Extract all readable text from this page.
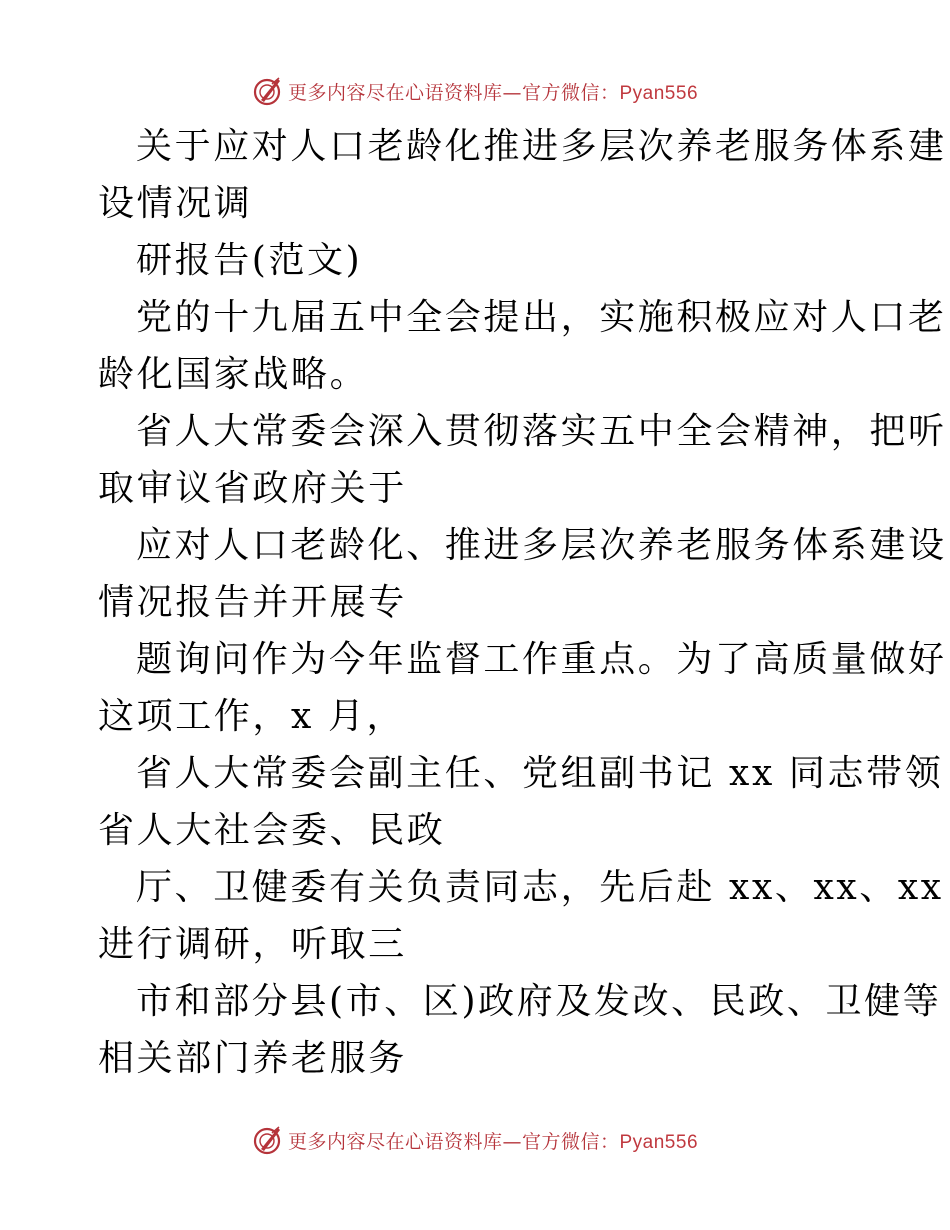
更多内容尽在心语资料库—官方微信：Pyan556

关于应对人口老龄化推进多层次养老服务体系建
设情况调

研报告(范文)

党的十九届五中全会提出，实施积极应对人口老
龄化国家战略。

省人大常委会深入贯彻落实五中全会精神，把听
取审议省政府关于

应对人口老龄化、推进多层次养老服务体系建设
情况报告并开展专

题询问作为今年监督工作重点。为了高质量做好
这项工作，x 月，

省人大常委会副主任、党组副书记 xx 同志带领
省人大社会委、民政

厅、卫健委有关负责同志，先后赴 xx、xx、xx
进行调研，听取三

市和部分县(市、区)政府及发改、民政、卫健等
相关部门养老服务

更多内容尽在心语资料库—官方微信：Pyan556
